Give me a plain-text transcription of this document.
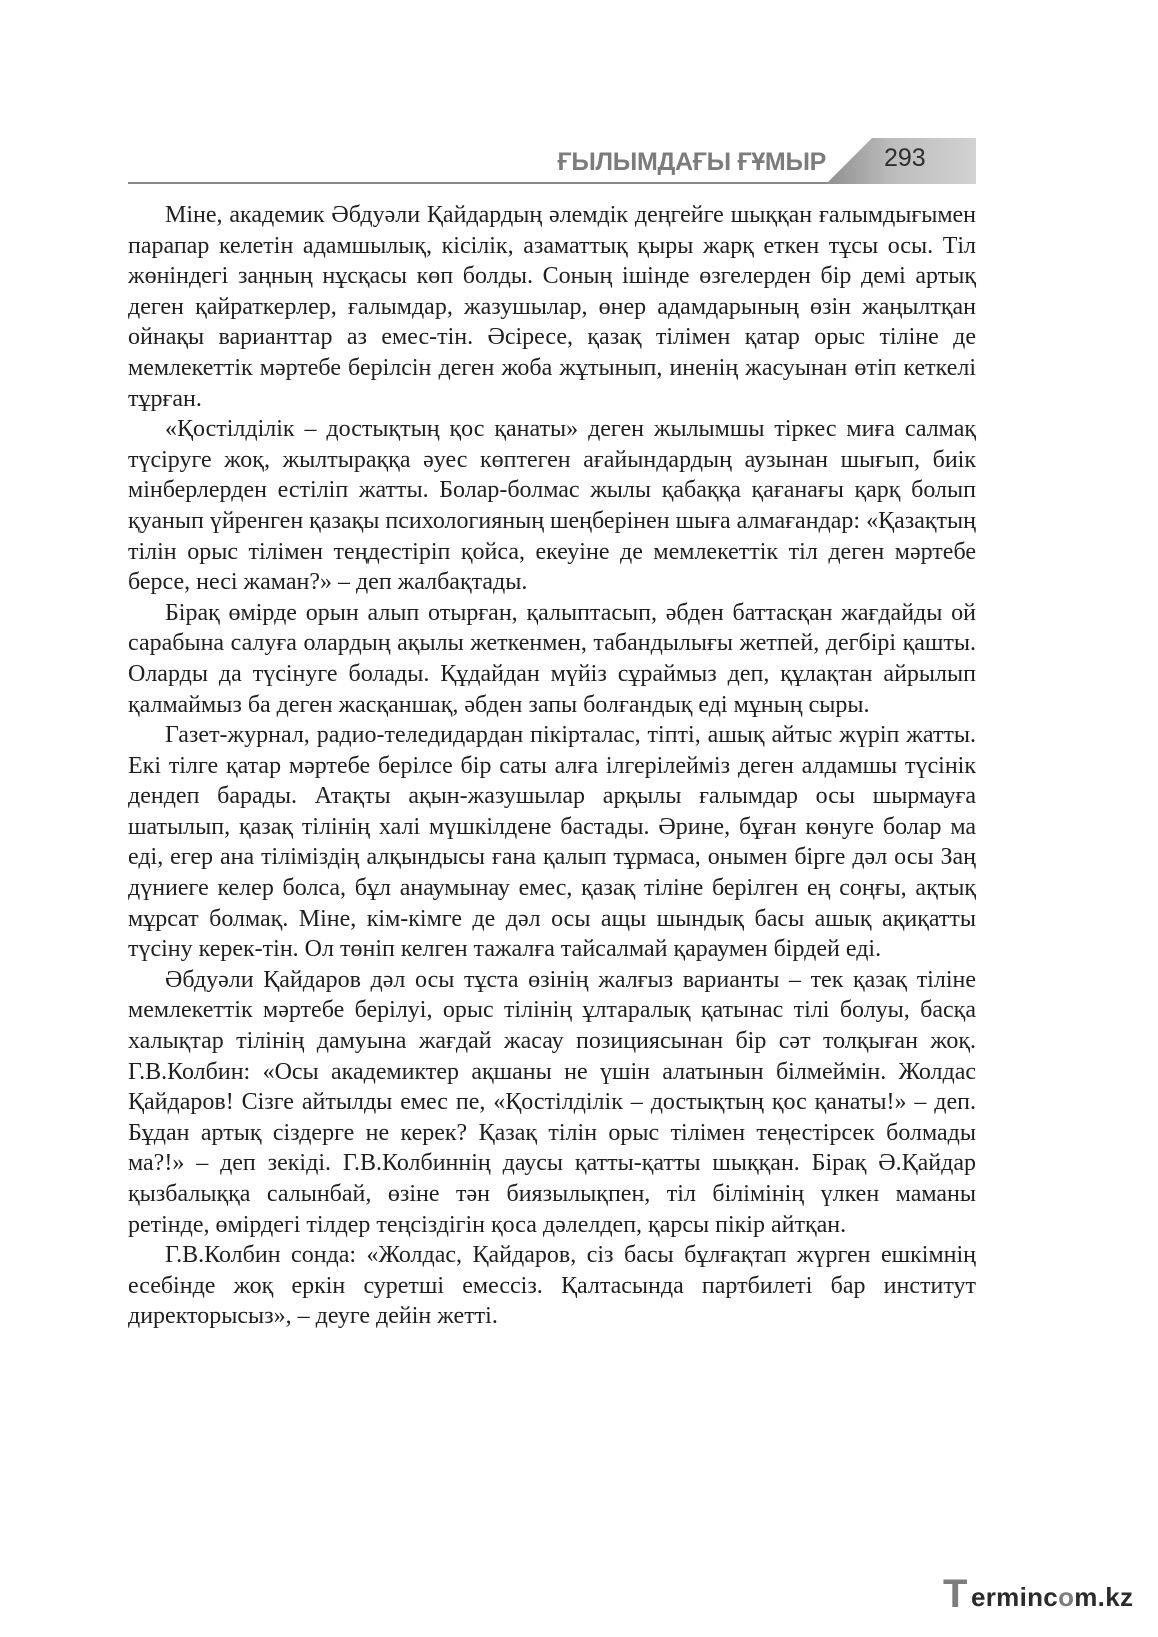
ҒЫЛЫМДАҒЫ ҒҰМЫР 293

Міне, академик Әбдуәли Қайдардың әлемдік деңгейге шыққан ғалымдығымен парапар келетін адамшылық, кісілік, азаматтық қыры жарқ еткен тұсы осы. Тіл жөніндегі заңның нұсқасы көп болды. Соның ішінде өзгелерден бір демі артық деген қайраткерлер, ғалымдар, жазушылар, өнер адамдарының өзін жаңылтқан ойнақы варианттар аз емес-тін. Әсіресе, қазақ тілімен қатар орыс тіліне де мемлекеттік мәртебе берілсін деген жоба жұтынып, иненің жасуынан өтіп кеткелі тұрған.

«Қостілділік – достықтың қос қанаты» деген жылымшы тіркес миға салмақ түсіруге жоқ, жылтыраққа әуес көптеген ағайындардың аузынан шығып, биік мінберлерден естіліп жатты. Болар-болмас жылы қабаққа қағанағы қарқ болып қуанып үйренген қазақы психологияның шеңберінен шыға алмағандар: «Қазақтың тілін орыс тілімен теңдестіріп қойса, екеуіне де мемлекеттік тіл деген мәртебе берсе, несі жаман?» – деп жалбақтады.

Бірақ өмірде орын алып отырған, қалыптасып, әбден баттасқан жағдайды ой сарабына салуға олардың ақылы жеткенмен, табандылығы жетпей, дегбірі қашты. Оларды да түсінуге болады. Құдайдан мүйіз сұраймыз деп, құлақтан айрылып қалмаймыз ба деген жасқаншақ, әбден запы болғандық еді мұның сыры.

Газет-журнал, радио-теледидардан пікірталас, тіпті, ашық айтыс жүріп жатты. Екі тілге қатар мәртебе берілсе бір саты алға ілгерілейміз деген алдамшы түсінік дендеп барады. Атақты ақын-жазушылар арқылы ғалымдар осы шырмауға шатылып, қазақ тілінің халі мүшкілдене бастады. Әрине, бұған көнуге болар ма еді, егер ана тіліміздің алқындысы ғана қалып тұрмаса, онымен бірге дәл осы Заң дүниеге келер болса, бұл анаумынау емес, қазақ тіліне берілген ең соңғы, ақтық мұрсат болмақ. Міне, кім-кімге де дәл осы ащы шындық басы ашық ақиқатты түсіну керек-тін. Ол төніп келген тажалға тайсалмай қараумен бірдей еді.

Әбдуәли Қайдаров дәл осы тұста өзінің жалғыз варианты – тек қазақ тіліне мемлекеттік мәртебе берілуі, орыс тілінің ұлтаралық қатынас тілі болуы, басқа халықтар тілінің дамуына жағдай жасау позициясынан бір сәт толқыған жоқ. Г.В.Колбин: «Осы академиктер ақшаны не үшін алатынын білмеймін. Жолдас Қайдаров! Сізге айтылды емес пе, «Қостілділік – достықтың қос қанаты!» – деп. Бұдан артық сіздерге не керек? Қазақ тілін орыс тілімен теңестірсек болмады ма?!» – деп зекіді. Г.В.Колбиннің даусы қатты-қатты шыққан. Бірақ Ә.Қайдар қызбалыққа салынбай, өзіне тән биязылықпен, тіл білімінің үлкен маманы ретінде, өмірдегі тілдер теңсіздігін қоса дәлелдеп, қарсы пікір айтқан.

Г.В.Колбин сонда: «Жолдас, Қайдаров, сіз басы бұлғақтап жүрген ешкімнің есебінде жоқ еркін суретші емессіз. Қалтасында партбилеті бар институт директорысыз», – деуге дейін жетті.

T ermincom.kz
